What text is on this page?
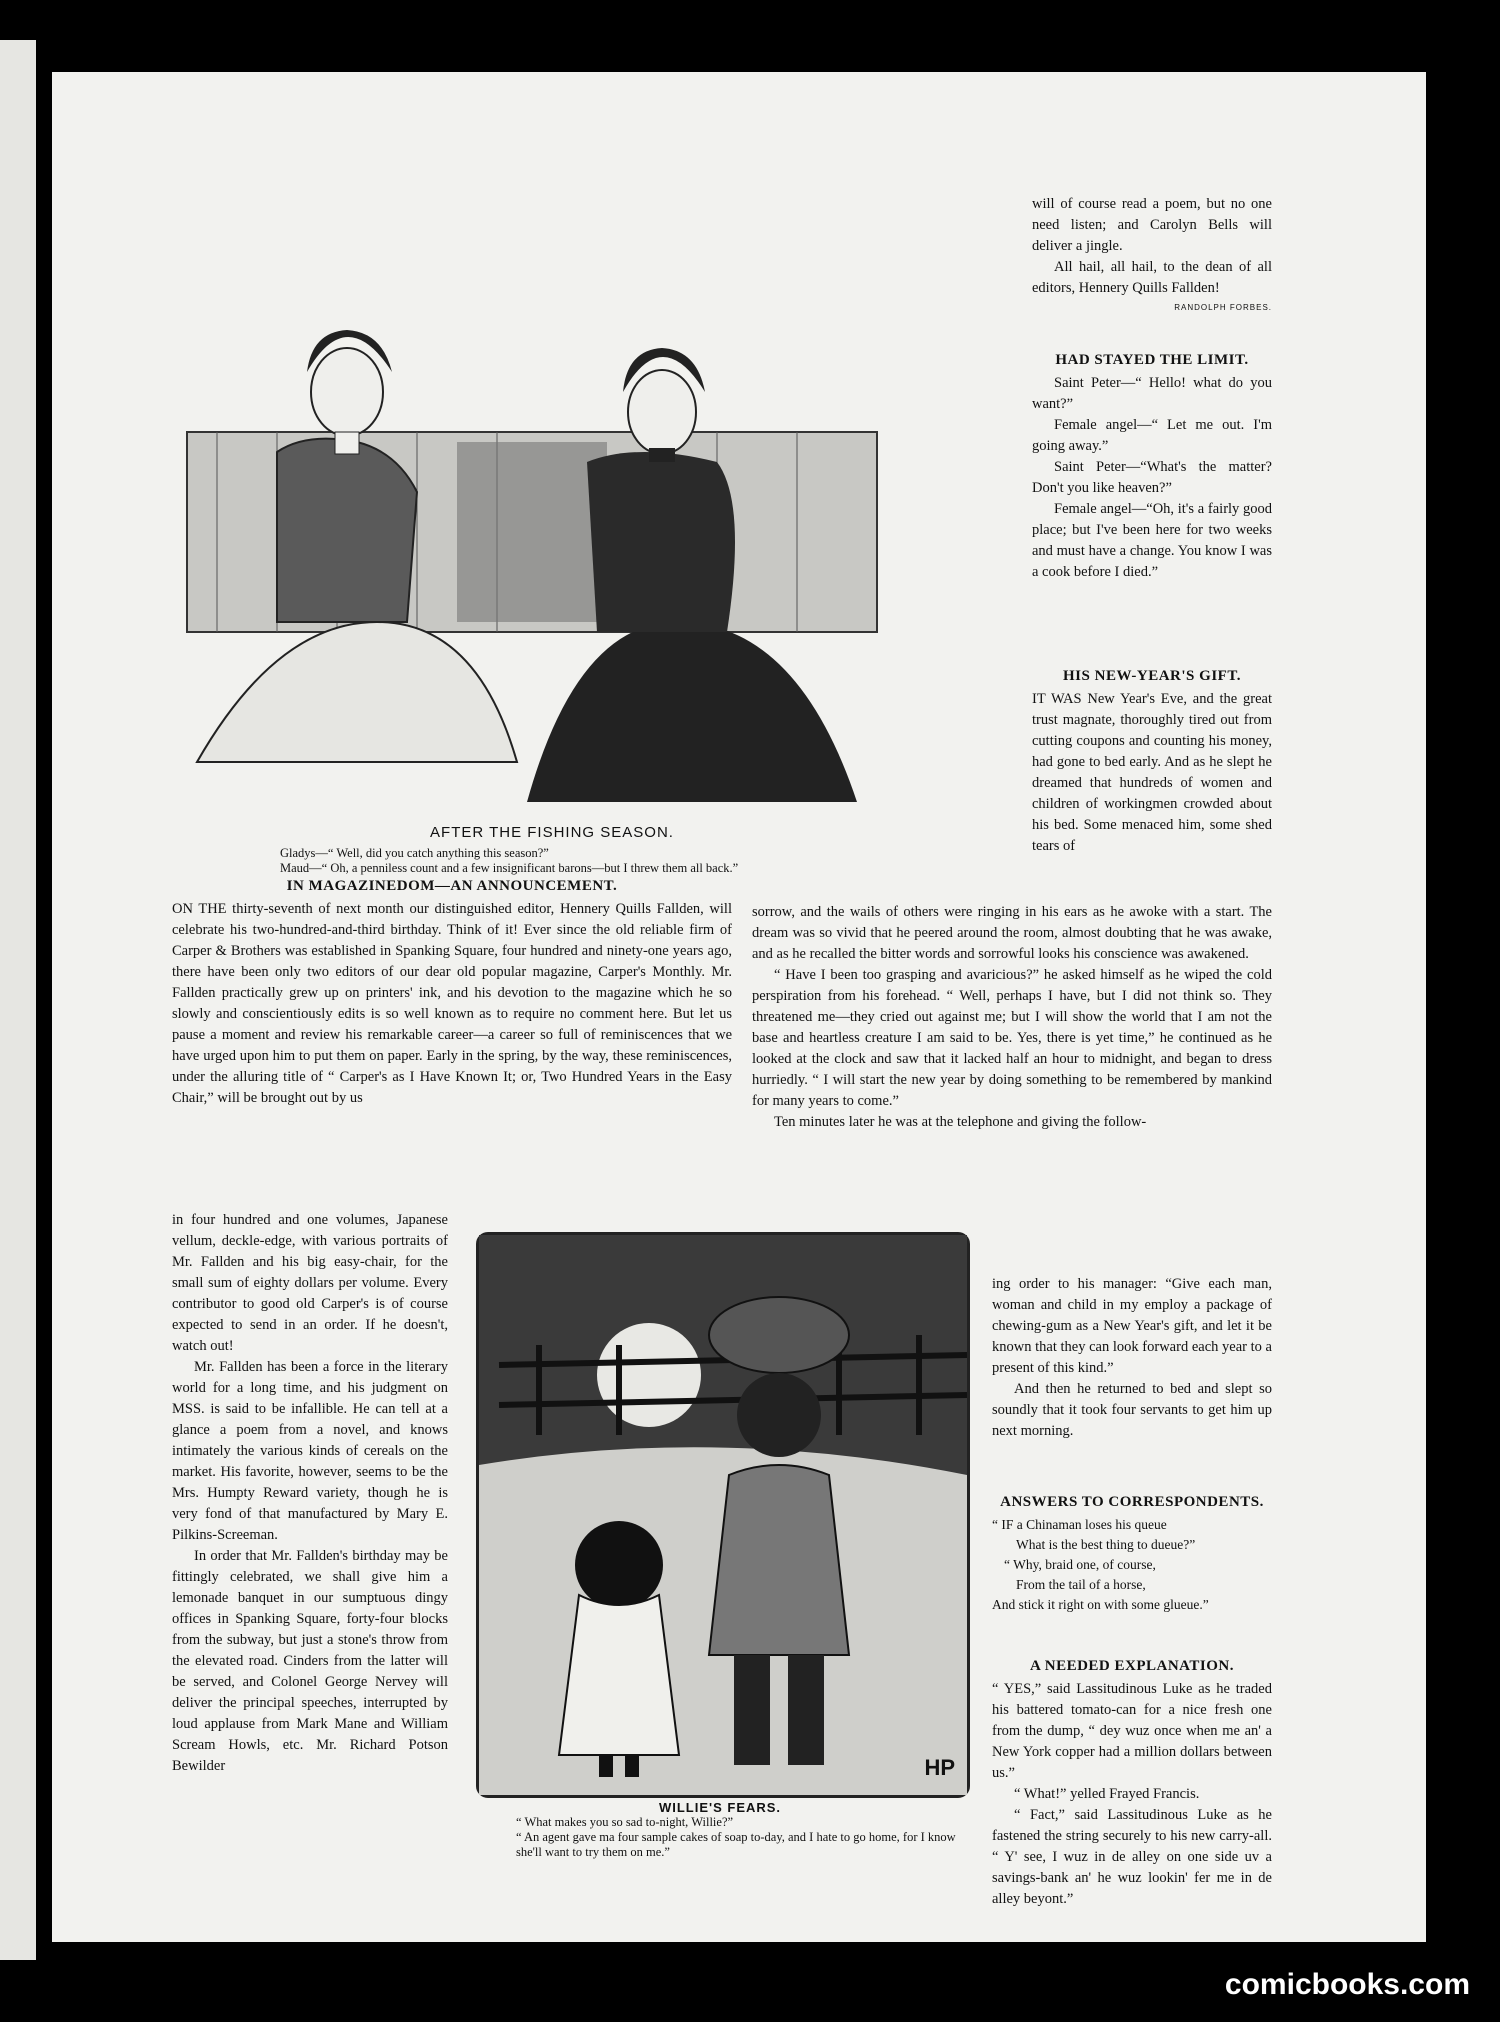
AFTER THE FISHING SEASON.

Gladys—“ Well, did you catch anything this season?”

Maud—“ Oh, a penniless count and a few insignificant barons—but I threw them all back.”

will of course read a poem, but no one need listen; and Carolyn Bells will deliver a jingle.

All hail, all hail, to the dean of all editors, Hennery Quills Fallden!

RANDOLPH FORBES.
HAD STAYED THE LIMIT.

Saint Peter—“ Hello! what do you want?”

Female angel—“ Let me out. I'm going away.”

Saint Peter—“What's the matter? Don't you like heaven?”

Female angel—“Oh, it's a fairly good place; but I've been here for two weeks and must have a change. You know I was a cook before I died.”

HIS NEW-YEAR'S GIFT.

IT WAS New Year's Eve, and the great trust magnate, thoroughly tired out from cutting coupons and counting his money, had gone to bed early. And as he slept he dreamed that hundreds of women and children of workingmen crowded about his bed. Some menaced him, some shed tears of

IN MAGAZINEDOM—AN ANNOUNCEMENT.

ON THE thirty-seventh of next month our distinguished editor, Hennery Quills Fallden, will celebrate his two-hundred-and-third birthday. Think of it! Ever since the old reliable firm of Carper & Brothers was established in Spanking Square, four hundred and ninety-one years ago, there have been only two editors of our dear old popular magazine, Carper's Monthly. Mr. Fallden practically grew up on printers' ink, and his devotion to the magazine which he so slowly and conscientiously edits is so well known as to require no comment here. But let us pause a moment and review his remarkable career—a career so full of reminiscences that we have urged upon him to put them on paper. Early in the spring, by the way, these reminiscences, under the alluring title of “ Carper's as I Have Known It; or, Two Hundred Years in the Easy Chair,” will be brought out by us

sorrow, and the wails of others were ringing in his ears as he awoke with a start. The dream was so vivid that he peered around the room, almost doubting that he was awake, and as he recalled the bitter words and sorrowful looks his conscience was awakened.

“ Have I been too grasping and avaricious?” he asked himself as he wiped the cold perspiration from his forehead. “ Well, perhaps I have, but I did not think so. They threatened me—they cried out against me; but I will show the world that I am not the base and heartless creature I am said to be. Yes, there is yet time,” he continued as he looked at the clock and saw that it lacked half an hour to midnight, and began to dress hurriedly. “ I will start the new year by doing something to be remembered by mankind for many years to come.”

Ten minutes later he was at the telephone and giving the follow-

in four hundred and one volumes, Japanese vellum, deckle-edge, with various portraits of Mr. Fallden and his big easy-chair, for the small sum of eighty dollars per volume. Every contributor to good old Carper's is of course expected to send in an order. If he doesn't, watch out!

Mr. Fallden has been a force in the literary world for a long time, and his judgment on MSS. is said to be infallible. He can tell at a glance a poem from a novel, and knows intimately the various kinds of cereals on the market. His favorite, however, seems to be the Mrs. Humpty Reward variety, though he is very fond of that manufactured by Mary E. Pilkins-Screeman.

In order that Mr. Fallden's birthday may be fittingly celebrated, we shall give him a lemonade banquet in our sumptuous dingy offices in Spanking Square, forty-four blocks from the subway, but just a stone's throw from the elevated road. Cinders from the latter will be served, and Colonel George Nervey will deliver the principal speeches, interrupted by loud applause from Mark Mane and William Scream Howls, etc. Mr. Richard Potson Bewilder	HP
WILLIE'S FEARS.

“ What makes you so sad to-night, Willie?”

“ An agent gave ma four sample cakes of soap to-day, and I hate to go home, for I know she'll want to try them on me.”

ing order to his manager: “Give each man, woman and child in my employ a package of chewing-gum as a New Year's gift, and let it be known that they can look forward each year to a present of this kind.”

And then he returned to bed and slept so soundly that it took four servants to get him up next morning.

ANSWERS TO CORRESPONDENTS.

“ IF a Chinaman loses his queue

What is the best thing to dueue?”

“ Why, braid one, of course,

From the tail of a horse,

And stick it right on with some glueue.”

A NEEDED EXPLANATION.

“ YES,” said Lassitudinous Luke as he traded his battered tomato-can for a nice fresh one from the dump, “ dey wuz once when me an' a New York copper had a million dollars between us.”

“ What!” yelled Frayed Francis.

“ Fact,” said Lassitudinous Luke as he fastened the string securely to his new carry-all. “ Y' see, I wuz in de alley on one side uv a savings-bank an' he wuz lookin' fer me in de alley beyont.”

comicbooks.com
